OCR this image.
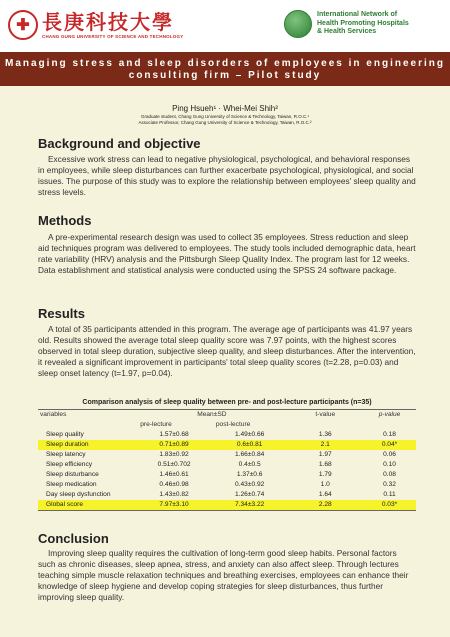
✚ 長庚科技大學
CHANG GUNG UNIVERSITY OF SCIENCE AND TECHNOLOGY
International Network of
Health Promoting Hospitals
& Health Services
Managing stress and sleep disorders of employees in engineering
consulting firm – Pilot study
Ping Hsueh¹ · Whei-Mei Shih²
Graduate student, Chang Gung University of Science & Technology, Taiwan, R.O.C.¹
Associate Professor, Chang Gung University of Science & Technology, Taiwan, R.O.C.²
Background and objective
Excessive work stress can lead to negative physiological, psychological, and behavioral responses in employees, while sleep disturbances can further exacerbate psychological, physiological, and social issues. The purpose of this study was to explore the relationship between employees' sleep quality and stress levels.
Methods
A pre-experimental research design was used to collect 35 employees. Stress reduction and sleep aid techniques program was delivered to employees. The study tools included demographic data, heart rate variability (HRV) analysis and the Pittsburgh Sleep Quality Index. The program last for 12 weeks. Data establishment and statistical analysis were conducted using the SPSS 24 software package.
Results
A total of 35 participants attended in this program. The average age of participants was 41.97 years old. Results showed the average total sleep quality score was 7.97 points, with the highest scores observed in total sleep duration, subjective sleep quality, and sleep disturbances. After the intervention, it revealed a significant improvement in participants' total sleep quality scores (t=2.28, p=0.03) and sleep onset latency (t=1.97, p=0.04).
Comparison analysis of sleep quality between pre- and post-lecture participants (n=35)
variables	Mean±SD		t-value	p-value
	pre-lecture	post-lecture		
Sleep quality	1.57±0.68	1.49±0.66	1.36	0.18
Sleep duration	0.71±0.89	0.6±0.81	2.1	0.04*
Sleep latency	1.83±0.92	1.66±0.84	1.97	0.06
Sleep efficiency	0.51±0.702	0.4±0.5	1.68	0.10
Sleep disturbance	1.46±0.61	1.37±0.6	1.79	0.08
Sleep medication	0.46±0.98	0.43±0.92	1.0	0.32
Day sleep dysfunction	1.43±0.82	1.26±0.74	1.64	0.11
Global score	7.97±3.10	7.34±3.22	2.28	0.03*
Conclusion
Improving sleep quality requires the cultivation of long-term good sleep habits. Personal factors such as chronic diseases, sleep apnea, stress, and anxiety can also affect sleep. Through lectures teaching simple muscle relaxation techniques and breathing exercises, employees can enhance their knowledge of sleep hygiene and develop coping strategies for sleep disturbances, thus further improving sleep quality.
